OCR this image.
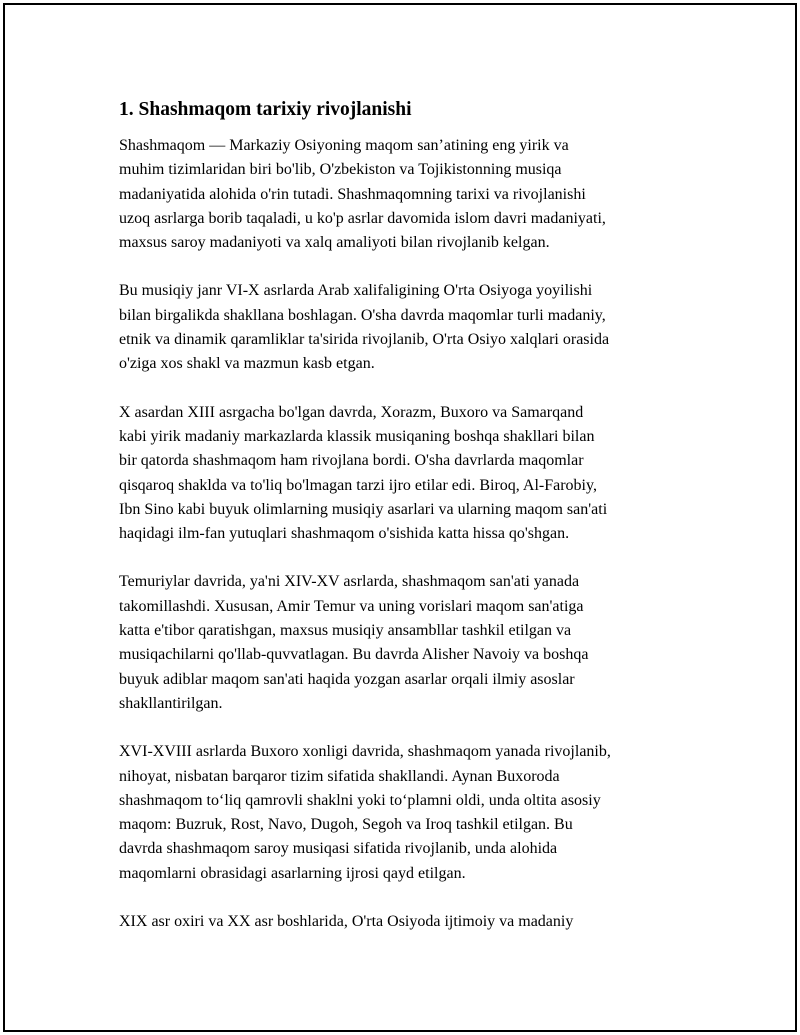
1. Shashmaqom tarixiy rivojlanishi

Shashmaqom — Markaziy Osiyoning maqom san’atining eng yirik va
muhim tizimlaridan biri bo'lib, O'zbekiston va Tojikistonning musiqa
madaniyatida alohida o'rin tutadi. Shashmaqomning tarixi va rivojlanishi
uzoq asrlarga borib taqaladi, u ko'p asrlar davomida islom davri madaniyati,
maxsus saroy madaniyoti va xalq amaliyoti bilan rivojlanib kelgan.

Bu musiqiy janr VI-X asrlarda Arab xalifaligining O'rta Osiyoga yoyilishi
bilan birgalikda shakllana boshlagan. O'sha davrda maqomlar turli madaniy,
etnik va dinamik qaramliklar ta'sirida rivojlanib, O'rta Osiyo xalqlari orasida
o'ziga xos shakl va mazmun kasb etgan.

X asardan XIII asrgacha bo'lgan davrda, Xorazm, Buxoro va Samarqand
kabi yirik madaniy markazlarda klassik musiqaning boshqa shakllari bilan
bir qatorda shashmaqom ham rivojlana bordi. O'sha davrlarda maqomlar
qisqaroq shaklda va to'liq bo'lmagan tarzi ijro etilar edi. Biroq, Al-Farobiy,
Ibn Sino kabi buyuk olimlarning musiqiy asarlari va ularning maqom san'ati
haqidagi ilm-fan yutuqlari shashmaqom o'sishida katta hissa qo'shgan.

Temuriylar davrida, ya'ni XIV-XV asrlarda, shashmaqom san'ati yanada
takomillashdi. Xususan, Amir Temur va uning vorislari maqom san'atiga
katta e'tibor qaratishgan, maxsus musiqiy ansambllar tashkil etilgan va
musiqachilarni qo'llab-quvvatlagan. Bu davrda Alisher Navoiy va boshqa
buyuk adiblar maqom san'ati haqida yozgan asarlar orqali ilmiy asoslar
shakllantirilgan.

XVI-XVIII asrlarda Buxoro xonligi davrida, shashmaqom yanada rivojlanib,
nihoyat, nisbatan barqaror tizim sifatida shakllandi. Aynan Buxoroda
shashmaqom to‘liq qamrovli shaklni yoki to‘plamni oldi, unda oltita asosiy
maqom: Buzruk, Rost, Navo, Dugoh, Segoh va Iroq tashkil etilgan. Bu
davrda shashmaqom saroy musiqasi sifatida rivojlanib, unda alohida
maqomlarni obrasidagi asarlarning ijrosi qayd etilgan.

XIX asr oxiri va XX asr boshlarida, O'rta Osiyoda ijtimoiy va madaniy
